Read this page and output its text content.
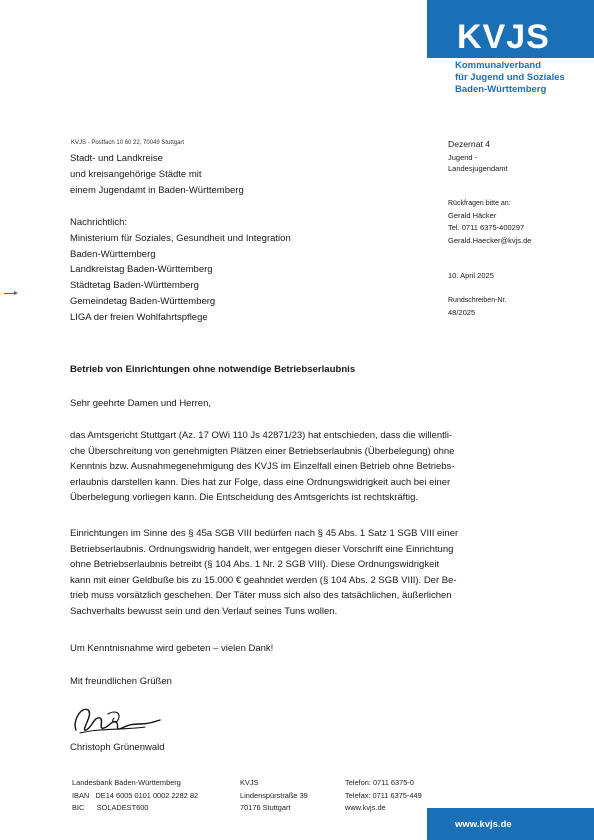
KVJS
Kommunalverband
für Jugend und Soziales
Baden-Württemberg
KVJS - Postfach 10 60 22, 70049 Stuttgart
Stadt- und Landkreise
und kreisangehörige Städte mit
einem Jugendamt in Baden-Württemberg
Nachrichtlich:
Ministerium für Soziales, Gesundheit und Integration
Baden-Württemberg
Landkreistag Baden-Württemberg
Städtetag Baden-Württemberg
Gemeindetag Baden-Württemberg
LIGA der freien Wohlfahrtspflege
Dezernat 4
Jugend -
Landesjugendamt
Rückfragen bitte an:
Gerald Häcker
Tel. 0711 6375-400297
Gerald.Haecker@kvjs.de
10. April 2025
Rundschreiben-Nr.
48/2025
Betrieb von Einrichtungen ohne notwendige Betriebserlaubnis
Sehr geehrte Damen und Herren,
das Amtsgericht Stuttgart (Az. 17 OWi 110 Js 42871/23) hat entschieden, dass die willentli-
che Überschreitung von genehmigten Plätzen einer Betriebserlaubnis (Überbelegung) ohne
Kenntnis bzw. Ausnahmegenehmigung des KVJS im Einzelfall einen Betrieb ohne Betriebs-
erlaubnis darstellen kann. Dies hat zur Folge, dass eine Ordnungswidrigkeit auch bei einer
Überbelegung vorliegen kann. Die Entscheidung des Amtsgerichts ist rechtskräftig.
Einrichtungen im Sinne des § 45a SGB VIII bedürfen nach § 45 Abs. 1 Satz 1 SGB VIII einer
Betriebserlaubnis. Ordnungswidrig handelt, wer entgegen dieser Vorschrift eine Einrichtung
ohne Betriebserlaubnis betreibt (§ 104 Abs. 1 Nr. 2 SGB VIII). Diese Ordnungswidrigkeit
kann mit einer Geldbuße bis zu 15.000 € geahndet werden (§ 104 Abs. 2 SGB VIII). Der Be-
trieb muss vorsätzlich geschehen. Der Täter muss sich also des tatsächlichen, äußerlichen
Sachverhalts bewusst sein und den Verlauf seines Tuns wollen.
Um Kenntnisnahme wird gebeten – vielen Dank!
Mit freundlichen Grüßen
Christoph Grünenwald
Landesbank Baden-Württemberg
IBAN DE14 6005 0101 0002 2282 82
BIC SOLADEST600
KVJS
Lindenspürstraße 39
70176 Stuttgart
Telefon: 0711 6375-0
Telefax: 0711 6375-449
www.kvjs.de
www.kvjs.de
